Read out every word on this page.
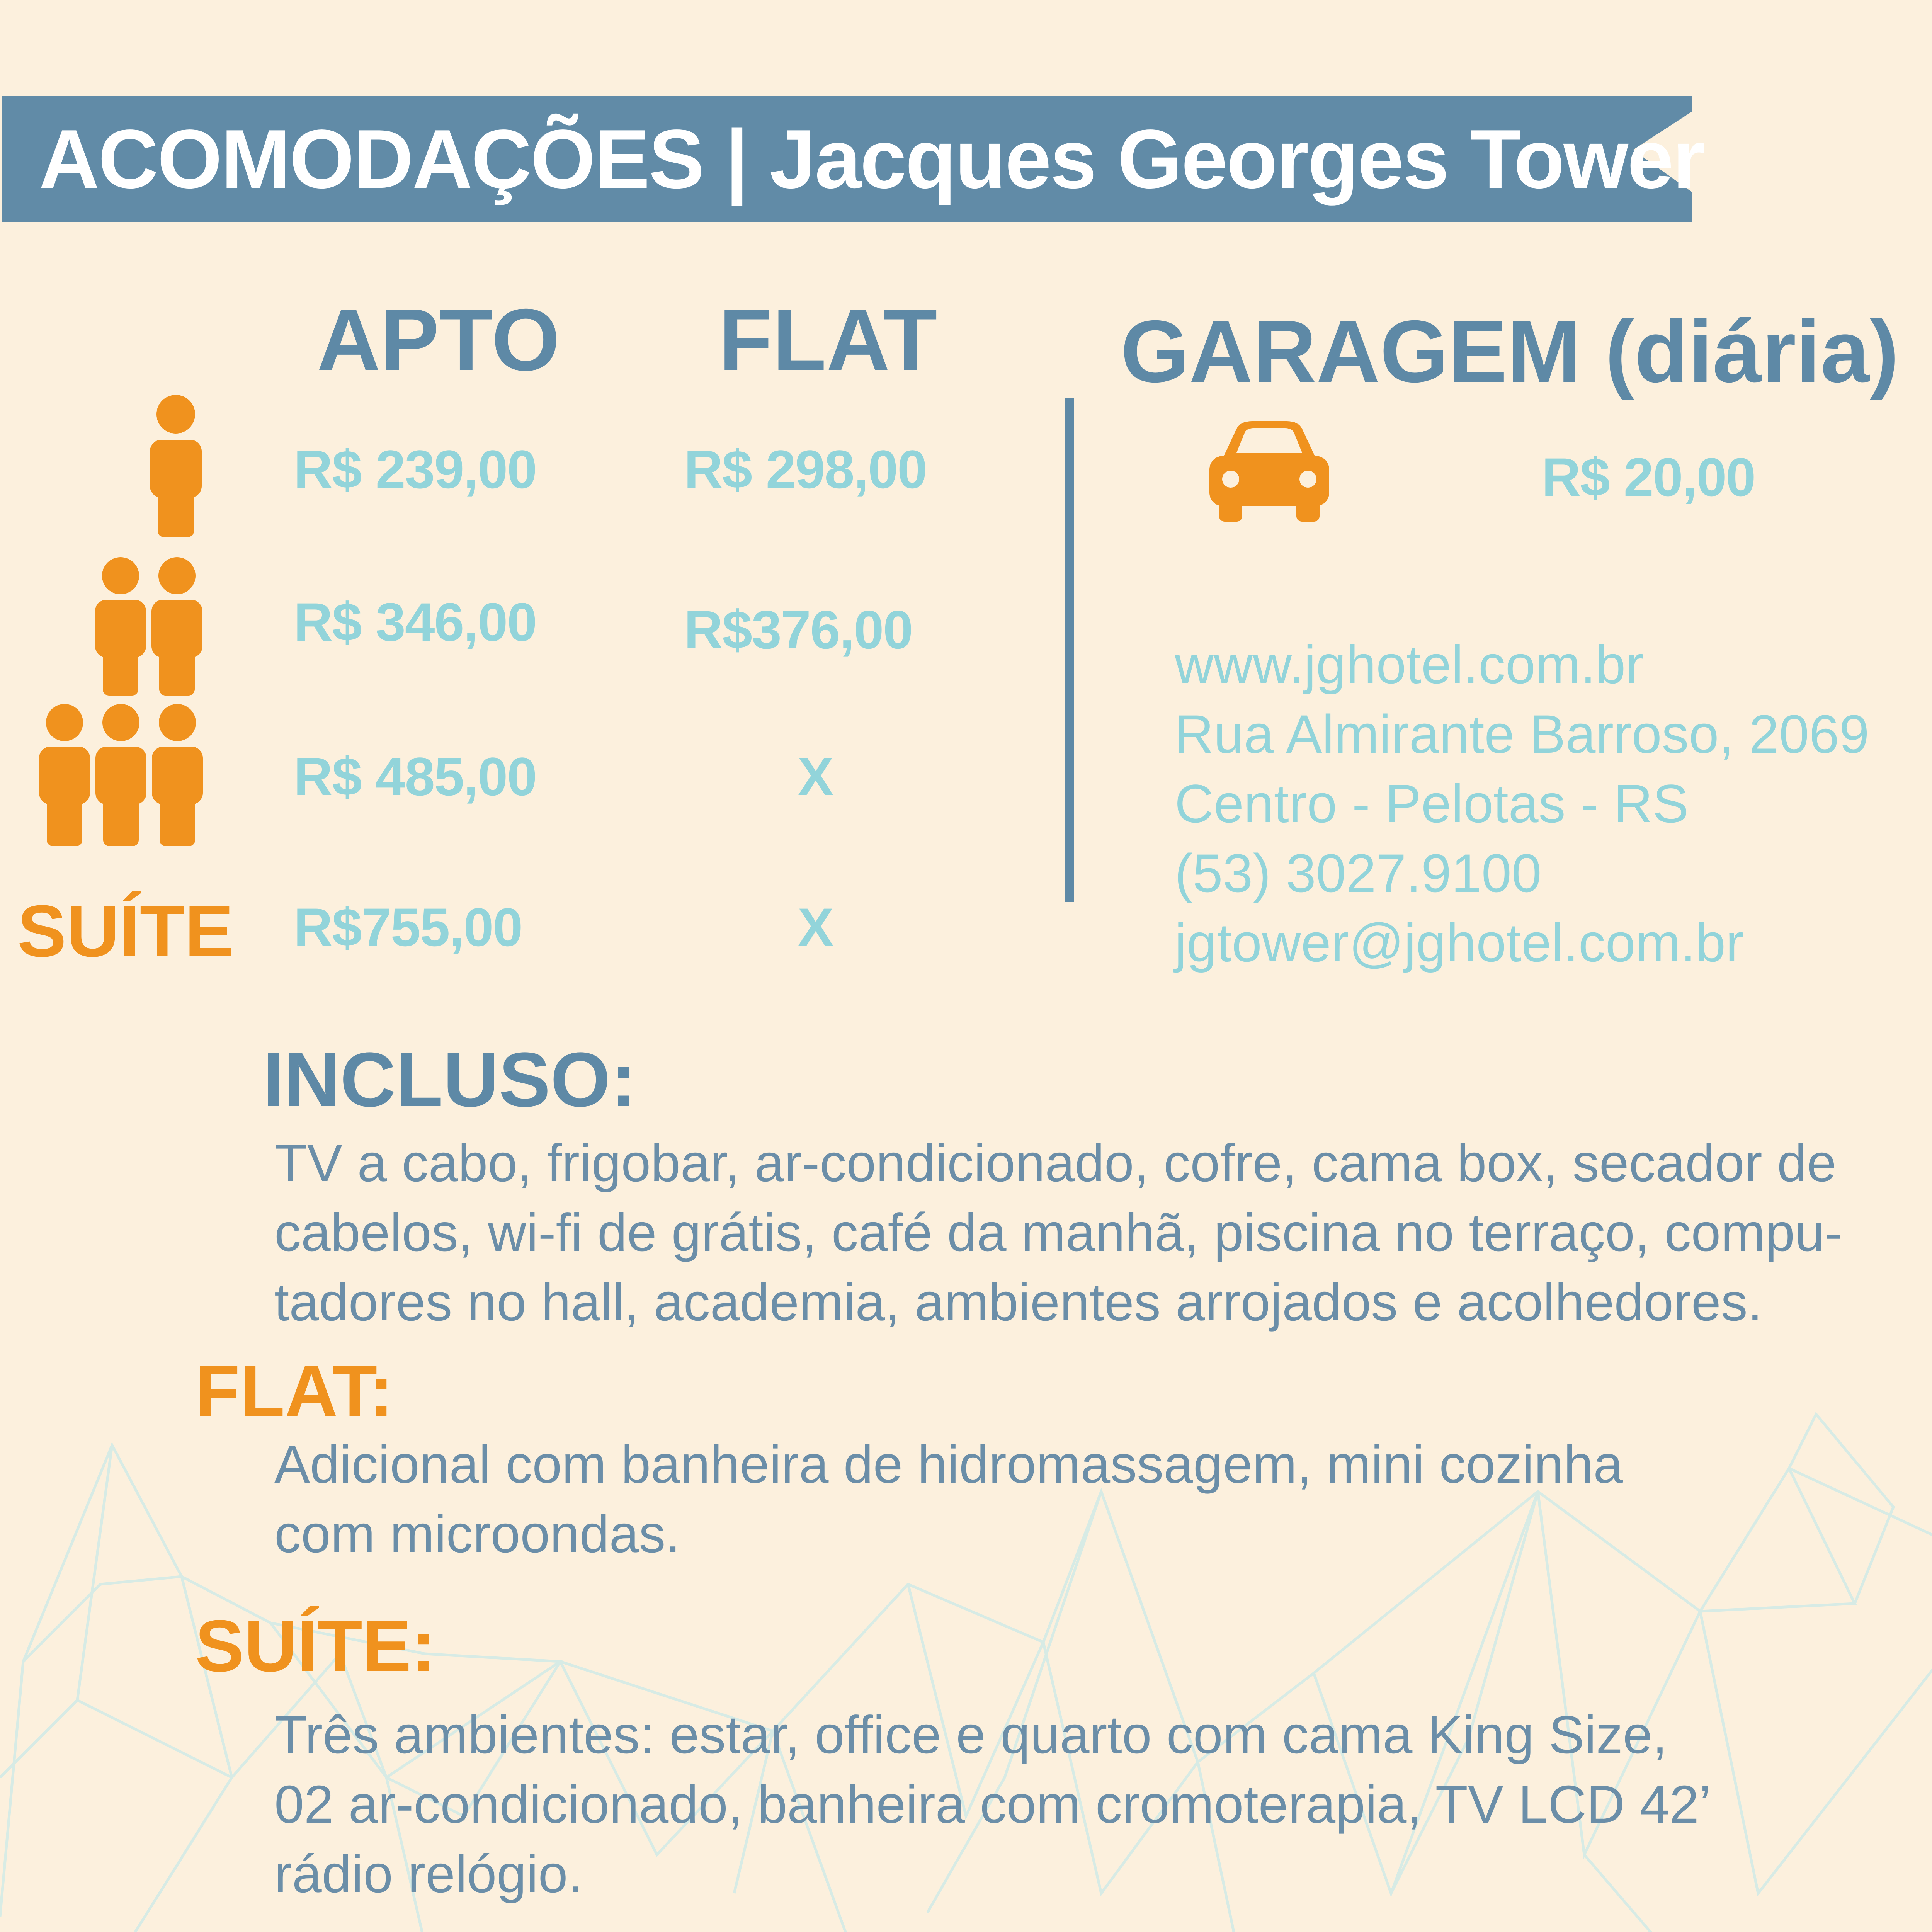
ACOMODAÇÕES | Jacques Georges Tower
APTO FLAT GARAGEM (diária)
SUÍTE
R$ 239,00	R$ 298,00
R$ 346,00	R$376,00
R$ 485,00	X
R$755,00	X
R$ 20,00
www.jghotel.com.br
Rua Almirante Barroso, 2069
Centro - Pelotas - RS
(53) 3027.9100
jgtower@jghotel.com.br
INCLUSO:
TV a cabo, frigobar, ar-condicionado, cofre, cama box, secador de
cabelos, wi-fi de grátis, café da manhã, piscina no terraço, compu-
tadores no hall, academia, ambientes arrojados e acolhedores.
FLAT:
Adicional com banheira de hidromassagem, mini cozinha
com microondas.
SUÍTE:
Três ambientes: estar, office e quarto com cama King Size,
02 ar-condicionado, banheira com cromoterapia, TV LCD 42’
rádio relógio.
